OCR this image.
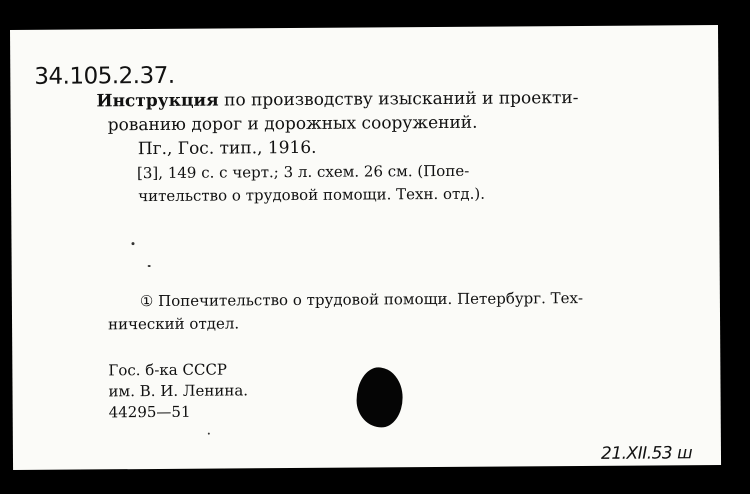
34.105.2.37.
Инструкция по производству изысканий и проекти-
рованию дорог и дорожных сооружений.
Пг., Гос. тип., 1916.
[3], 149 с. с черт.; 3 л. схем. 26 см. (Попе-
чительство о трудовой помощи. Техн. отд.).
① Попечительство о трудовой помощи. Петербург. Тех-
нический отдел.
Гос. б-ка СССР
им. В. И. Ленина.
44295—51
21.XII.53 ш
